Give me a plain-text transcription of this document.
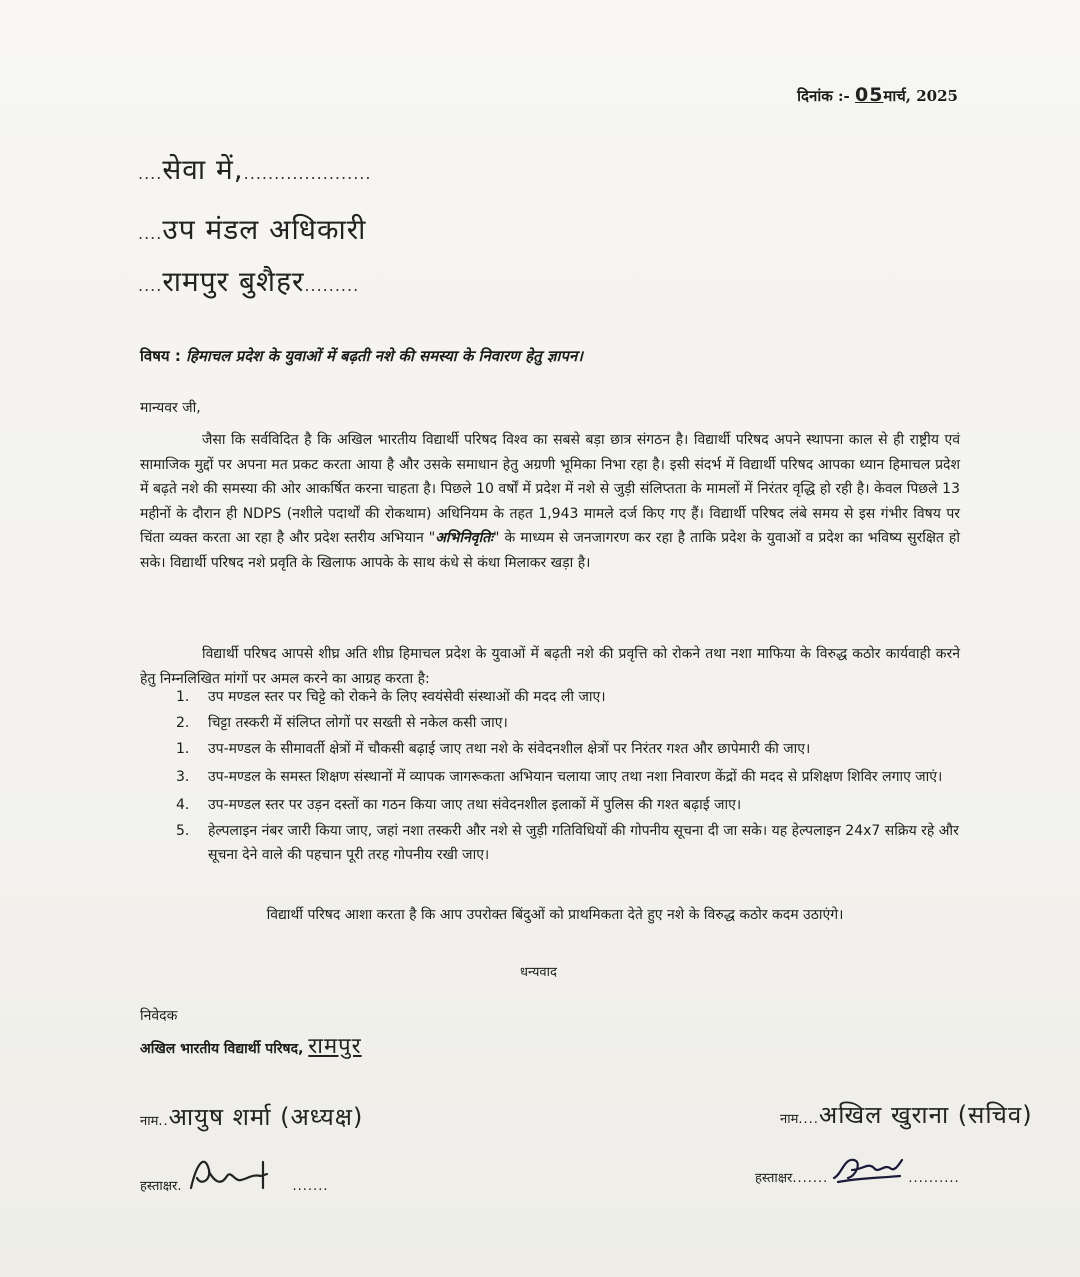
दिनांक :- 05मार्च, 2025
....सेवा में,.....................
....उप मंडल अधिकारी
....रामपुर बुशैहर.........
विषय : हिमाचल प्रदेश के युवाओं में बढ़ती नशे की समस्या के निवारण हेतु ज्ञापन।
मान्यवर जी,

जैसा कि सर्वविदित है कि अखिल भारतीय विद्यार्थी परिषद विश्व का सबसे बड़ा छात्र संगठन है। विद्यार्थी परिषद अपने स्थापना काल से ही राष्ट्रीय एवं सामाजिक मुद्दों पर अपना मत प्रकट करता आया है और उसके समाधान हेतु अग्रणी भूमिका निभा रहा है। इसी संदर्भ में विद्यार्थी परिषद आपका ध्यान हिमाचल प्रदेश में बढ़ते नशे की समस्या की ओर आकर्षित करना चाहता है। पिछले 10 वर्षों में प्रदेश में नशे से जुड़ी संलिप्तता के मामलों में निरंतर वृद्धि हो रही है। केवल पिछले 13 महीनों के दौरान ही NDPS (नशीले पदार्थों की रोकथाम) अधिनियम के तहत 1,943 मामले दर्ज किए गए हैं। विद्यार्थी परिषद लंबे समय से इस गंभीर विषय पर चिंता व्यक्त करता आ रहा है और प्रदेश स्तरीय अभियान "अभिनिवृतिः" के माध्यम से जनजागरण कर रहा है ताकि प्रदेश के युवाओं व प्रदेश का भविष्य सुरक्षित हो सके। विद्यार्थी परिषद नशे प्रवृति के खिलाफ आपके के साथ कंधे से कंधा मिलाकर खड़ा है।

विद्यार्थी परिषद आपसे शीघ्र अति शीघ्र हिमाचल प्रदेश के युवाओं में बढ़ती नशे की प्रवृत्ति को रोकने तथा नशा माफिया के विरुद्ध कठोर कार्यवाही करने हेतु निम्नलिखित मांगों पर अमल करने का आग्रह करता है:

1.	उप मण्डल स्तर पर चिट्टे को रोकने के लिए स्वयंसेवी संस्थाओं की मदद ली जाए।
2.	चिट्टा तस्करी में संलिप्त लोगों पर सख्ती से नकेल कसी जाए।
1.	उप-मण्डल के सीमावर्ती क्षेत्रों में चौकसी बढ़ाई जाए तथा नशे के संवेदनशील क्षेत्रों पर निरंतर गश्त और छापेमारी की जाए।
3.	उप-मण्डल के समस्त शिक्षण संस्थानों में व्यापक जागरूकता अभियान चलाया जाए तथा नशा निवारण केंद्रों की मदद से प्रशिक्षण शिविर लगाए जाएं।
4.	उप-मण्डल स्तर पर उड़न दस्तों का गठन किया जाए तथा संवेदनशील इलाकों में पुलिस की गश्त बढ़ाई जाए।
5.	हेल्पलाइन नंबर जारी किया जाए, जहां नशा तस्करी और नशे से जुड़ी गतिविधियों की गोपनीय सूचना दी जा सके। यह हेल्पलाइन 24x7 सक्रिय रहे और सूचना देने वाले की पहचान पूरी तरह गोपनीय रखी जाए।
विद्यार्थी परिषद आशा करता है कि आप उपरोक्त बिंदुओं को प्राथमिकता देते हुए नशे के विरुद्ध कठोर कदम उठाएंगे।
धन्यवाद
निवेदक
अखिल भारतीय विद्यार्थी परिषद, रामपुर
नाम..आयुष शर्मा (अध्यक्ष)
हस्ताक्षर .	.......
नाम....अखिल खुराना (सचिव)
हस्ताक्षर .......	..........
